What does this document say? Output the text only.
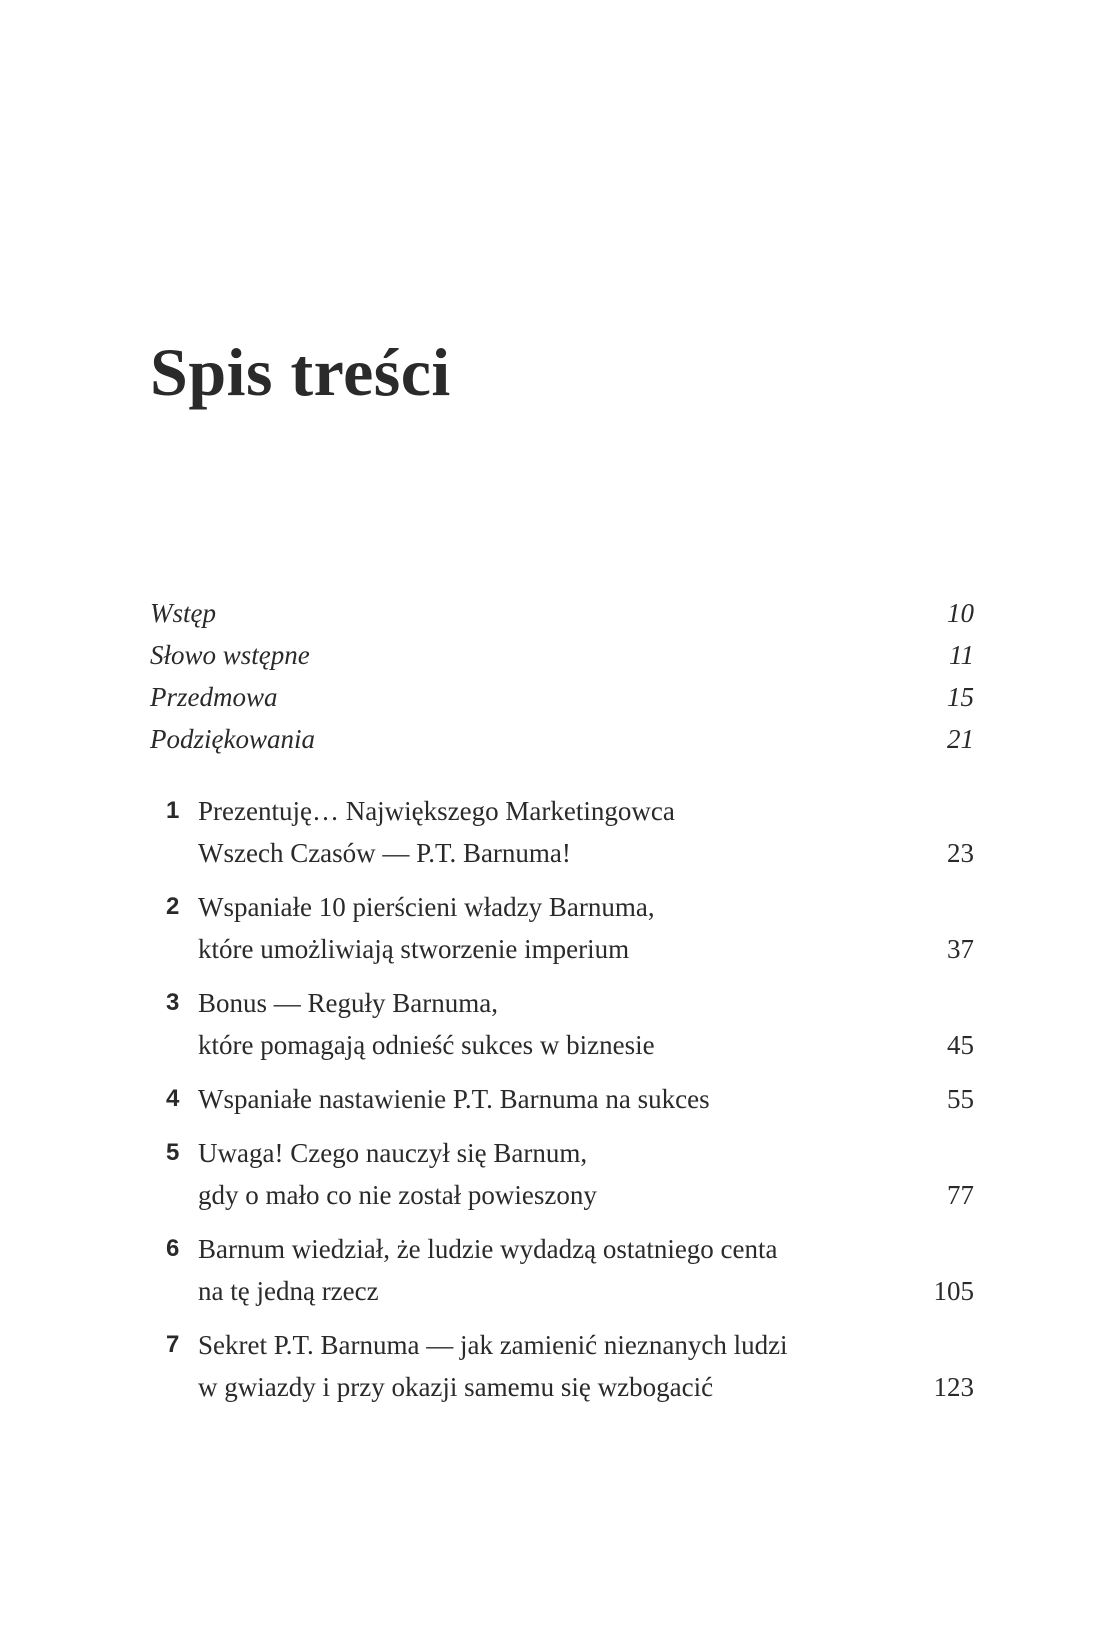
Spis treści
Wstęp	10
Słowo wstępne	11
Przedmowa	15
Podziękowania	21
1 Prezentuję… Największego Marketingowca
Wszech Czasów — P.T. Barnuma!	23
2 Wspaniałe 10 pierścieni władzy Barnuma,
które umożliwiają stworzenie imperium	37
3 Bonus — Reguły Barnuma,
które pomagają odnieść sukces w biznesie	45
4 Wspaniałe nastawienie P.T. Barnuma na sukces	55
5 Uwaga! Czego nauczył się Barnum,
gdy o mało co nie został powieszony	77
6 Barnum wiedział, że ludzie wydadzą ostatniego centa
na tę jedną rzecz	105
7 Sekret P.T. Barnuma — jak zamienić nieznanych ludzi
w gwiazdy i przy okazji samemu się wzbogacić	123
